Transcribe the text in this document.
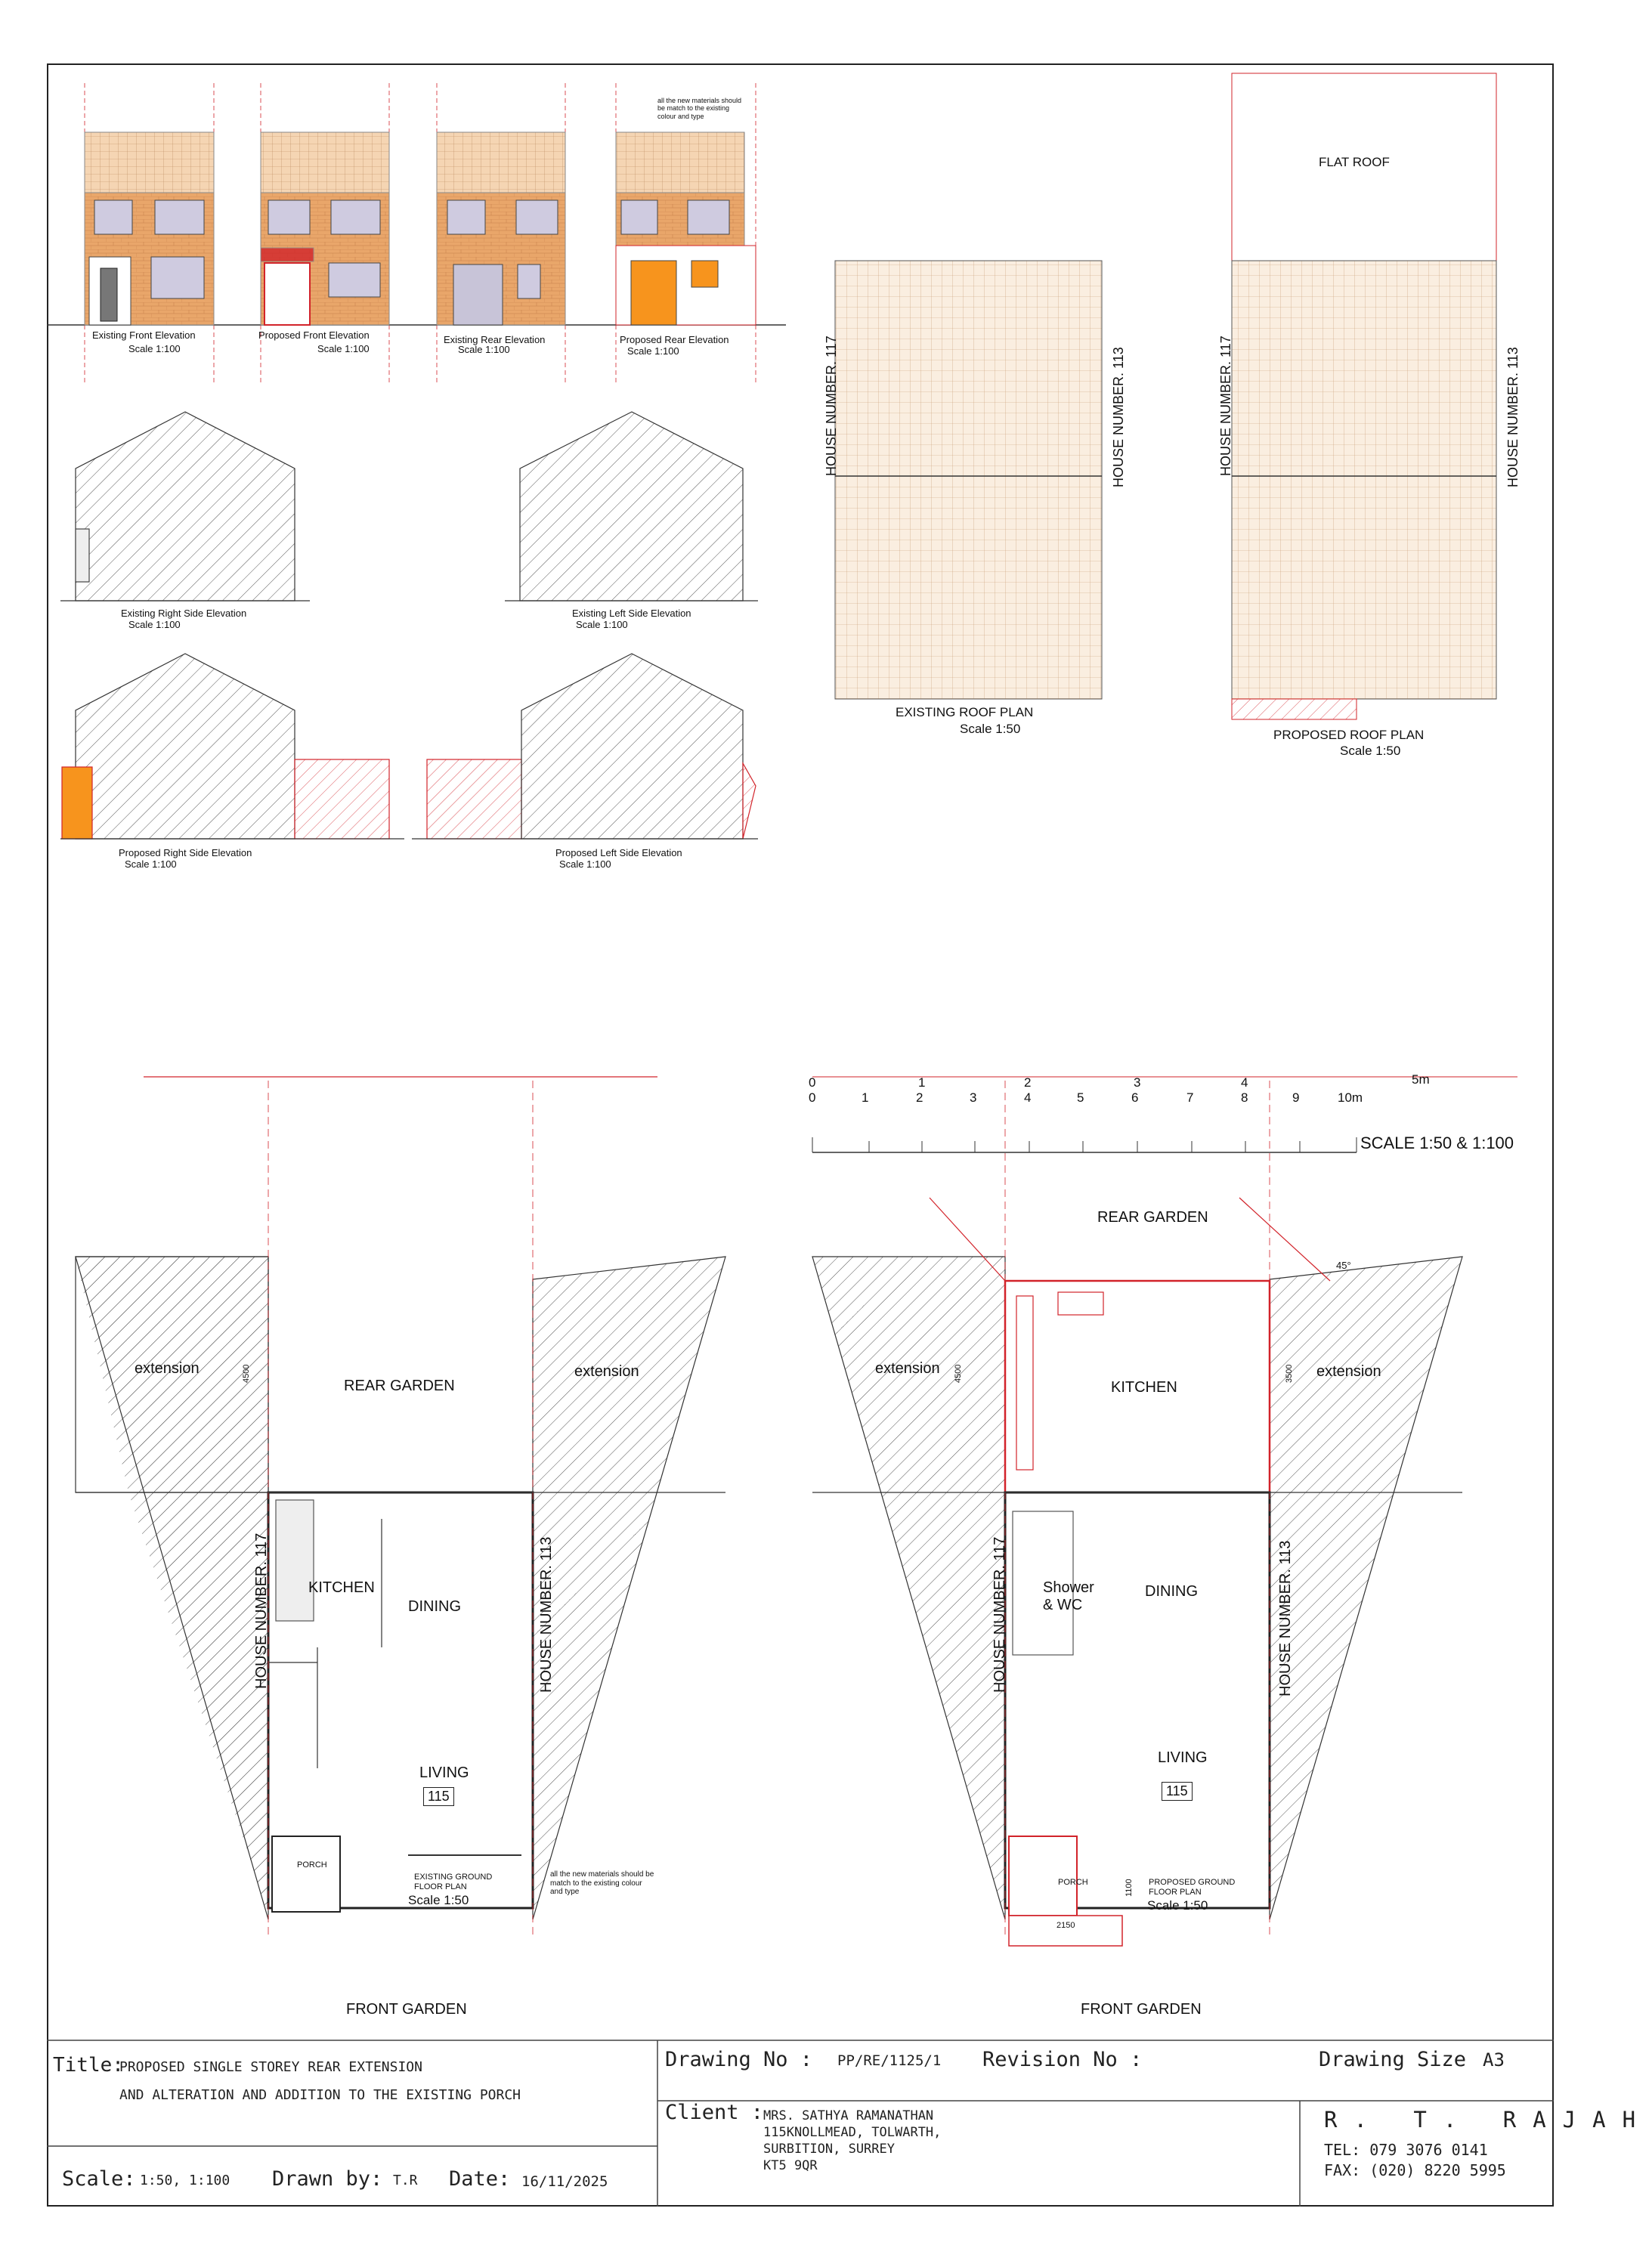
Existing Front Elevation
Scale 1:100
Proposed Front Elevation
Scale 1:100
Existing Rear Elevation
Scale 1:100
Proposed Rear Elevation
Scale 1:100
all the new materials should be match to the existing colour and type
Existing Right Side Elevation
Scale 1:100
Existing Left Side Elevation
Scale 1:100
Proposed Right Side Elevation
Scale 1:100
Proposed Left Side Elevation
Scale 1:100
FLAT ROOF
EXISTING ROOF PLAN
Scale 1:50	PROPOSED ROOF PLAN
Scale 1:50
HOUSE NUMBER. 117	HOUSE NUMBER. 113	HOUSE NUMBER. 117	HOUSE NUMBER. 113
0	1	2	3	4	5m
0	1	2	3	4	5	6	7	8	9	10m
SCALE 1:50 & 1:100
REAR GARDEN
extension	extension
4500
KITCHEN
DINING
LIVING
115
PORCH
HOUSE NUMBER. 117	HOUSE NUMBER. 113
EXISTING GROUND FLOOR PLAN
Scale 1:50
all the new materials should be match to the existing colour and type
FRONT GARDEN
REAR GARDEN
extension	extension
4500	3500
45°
KITCHEN
Shower
& WC
DINING
LIVING
115
PORCH
HOUSE NUMBER. 117	HOUSE NUMBER. 113
PROPOSED GROUND FLOOR PLAN
Scale 1:50
2150
1100
FRONT GARDEN
Title:
PROPOSED SINGLE STOREY REAR EXTENSION
AND ALTERATION AND ADDITION TO THE EXISTING PORCH
Drawing No : PP/RE/1125/1 Revision No :	Drawing Size A3
Client : MRS. SATHYA RAMANATHAN
115KNOLLMEAD, TOLWARTH,
SURBITION, SURREY
KT5 9QR
R. T. RAJAH
TEL: 079 3076 0141
FAX: (020) 8220 5995
Scale: 1:50, 1:100 Drawn by: T.R Date: 16/11/2025
